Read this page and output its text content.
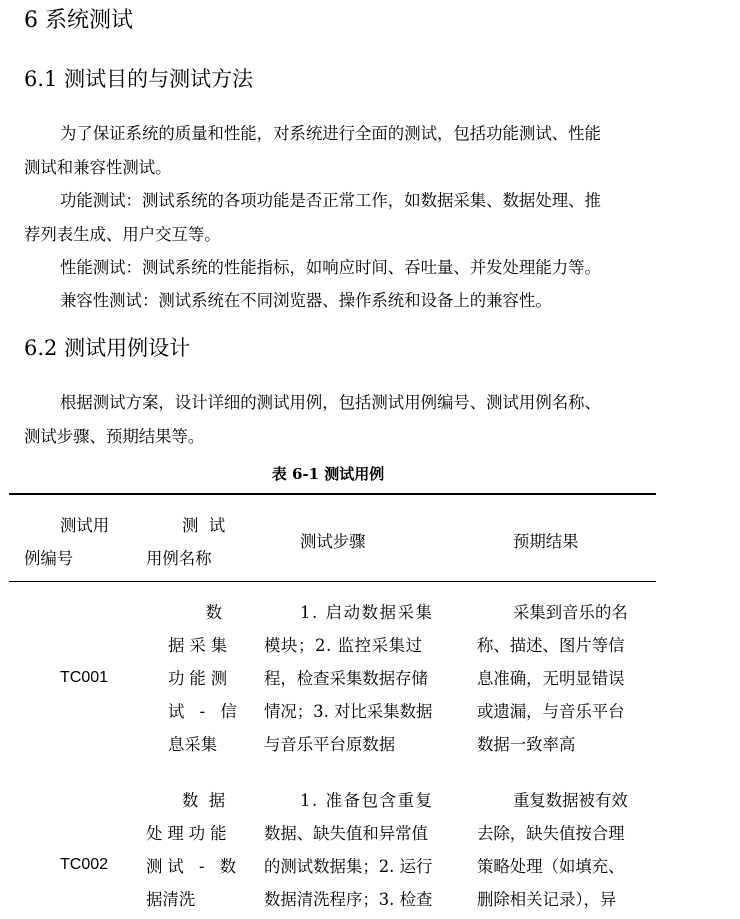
6 系统测试
6.1 测试目的与测试方法

为了保证系统的质量和性能，对系统进行全面的测试，包括功能测试、性能
测试和兼容性测试。

功能测试：测试系统的各项功能是否正常工作，如数据采集、数据处理、推
荐列表生成、用户交互等。

性能测试：测试系统的性能指标，如响应时间、吞吐量、并发处理能力等。

兼容性测试：测试系统在不同浏览器、操作系统和设备上的兼容性。

6.2 测试用例设计

根据测试方案，设计详细的测试用例，包括测试用例编号、测试用例名称、
测试步骤、预期结果等。

表 6-1 测试用例
测试用
例编号
测  试
用例名称
测试步骤	预期结果
TC001
数
据采集
功能测
试 - 信
息采集
1. 启动数据采集
模块；2. 监控采集过
程，检查采集数据存储
情况；3. 对比采集数据
与音乐平台原数据
采集到音乐的名
称、描述、图片等信
息准确，无明显错误
或遗漏，与音乐平台
数据一致率高
TC002
数  据
处理功能
测试 - 数
据清洗
1. 准备包含重复
数据、缺失值和异常值
的测试数据集；2. 运行
数据清洗程序；3. 检查
重复数据被有效
去除，缺失值按合理
策略处理（如填充、
删除相关记录），异
